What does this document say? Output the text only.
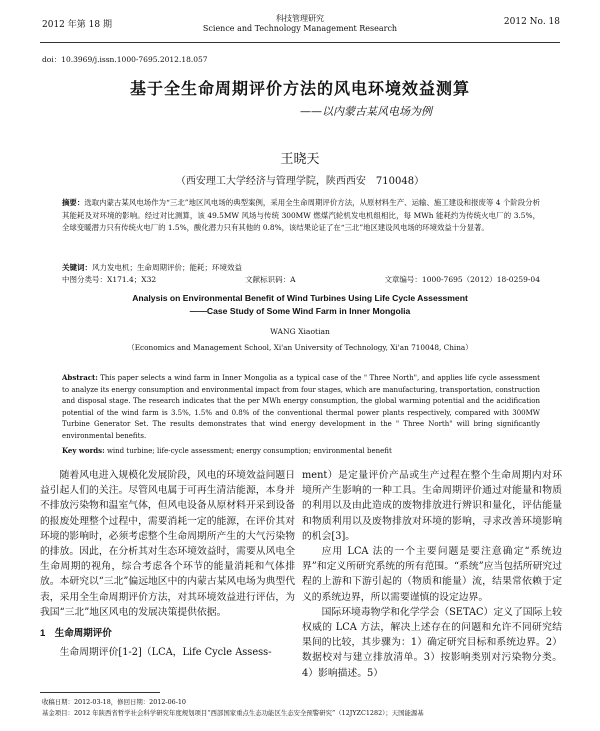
2012 年第 18 期
科技管理研究
Science and Technology Management Research
2012 No. 18
doi：10.3969/j.issn.1000-7695.2012.18.057
基于全生命周期评价方法的风电环境效益测算
——以内蒙古某风电场为例
王晓天
（西安理工大学经济与管理学院，陕西西安　710048）
摘要：选取内蒙古某风电场作为“三北”地区风电场的典型案例，采用全生命周期评价方法，从原材料生产、运输、施工建设和报废等 4 个阶段分析其能耗及对环境的影响。经过对比测算，该 49.5MW 风场与传统 300MW 燃煤汽轮机发电机组相比，每 MWh 能耗约为传统火电厂的 3.5%，全球变暖潜力只有传统火电厂的 1.5%，酸化潜力只有其他的 0.8%，该结果论证了在“三北”地区建设风电场的环境效益十分显著。
关键词：风力发电机；生命周期评价；能耗；环境效益
中图分类号：X171.4；X32	文献标识码：A	文章编号：1000-7695（2012）18-0259-04
Analysis on Environmental Benefit of Wind Turbines Using Life Cycle Assessment
——Case Study of Some Wind Farm in Inner Mongolia
WANG Xiaotian
（Economics and Management School, Xi'an University of Technology, Xi'an 710048, China）
Abstract: This paper selects a wind farm in Inner Mongolia as a typical case of the " Three North", and applies life cycle assessment to analyze its energy consumption and environmental impact from four stages, which are manufacturing, transportation, construction and disposal stage. The research indicates that the per MWh energy consumption, the global warming potential and the acidification potential of the wind farm is 3.5%, 1.5% and 0.8% of the conventional thermal power plants respectively, compared with 300MW Turbine Generator Set. The results demonstrates that wind energy development in the " Three North" will bring significantly environmental benefits.
Key words: wind turbine; life-cycle assessment; energy consumption; environmental benefit

随着风电进入规模化发展阶段，风电的环境效益问题日益引起人们的关注。尽管风电属于可再生清洁能源，本身并不排放污染物和温室气体，但风电设备从原材料开采到设备的报废处理整个过程中，需要消耗一定的能源，在评价其对环境的影响时，必须考虑整个生命周期所产生的大气污染物的排放。因此，在分析其对生态环境效益时，需要从风电全生命周期的视角，综合考虑各个环节的能量消耗和气体排放。本研究以“三北”偏远地区中的内蒙古某风电场为典型代表，采用全生命周期评价方法，对其环境效益进行评估，为我国“三北”地区风电的发展决策提供依据。

1　生命周期评价

生命周期评价[1-2]（LCA，Life Cycle Assess-

ment）是定量评价产品或生产过程在整个生命周期内对环境所产生影响的一种工具。生命周期评价通过对能量和物质的利用以及由此造成的废物排放进行辨识和量化，评估能量和物质利用以及废物排放对环境的影响，寻求改善环境影响的机会[3]。

应用 LCA 法的一个主要问题是要注意确定“系统边界”和定义所研究系统的所有范围。“系统”应当包括所研究过程的上游和下游引起的（物质和能量）流，结果常依赖于定义的系统边界，所以需要谨慎的设定边界。

国际环境毒物学和化学学会（SETAC）定义了国际上较权威的 LCA 方法，解决上述存在的问题和允许不同研究结果间的比较，其步骤为：1）确定研究目标和系统边界。2）数据校对与建立排放清单。3）按影响类别对污染物分类。4）影响描述。5）

收稿日期：2012-03-18，修回日期：2012-06-10
基金项目：2012 年陕西省哲学社会科学研究年度规划项目“西部国家重点生态功能区生态安全预警研究”（12JYZC1282）；天国能源基
